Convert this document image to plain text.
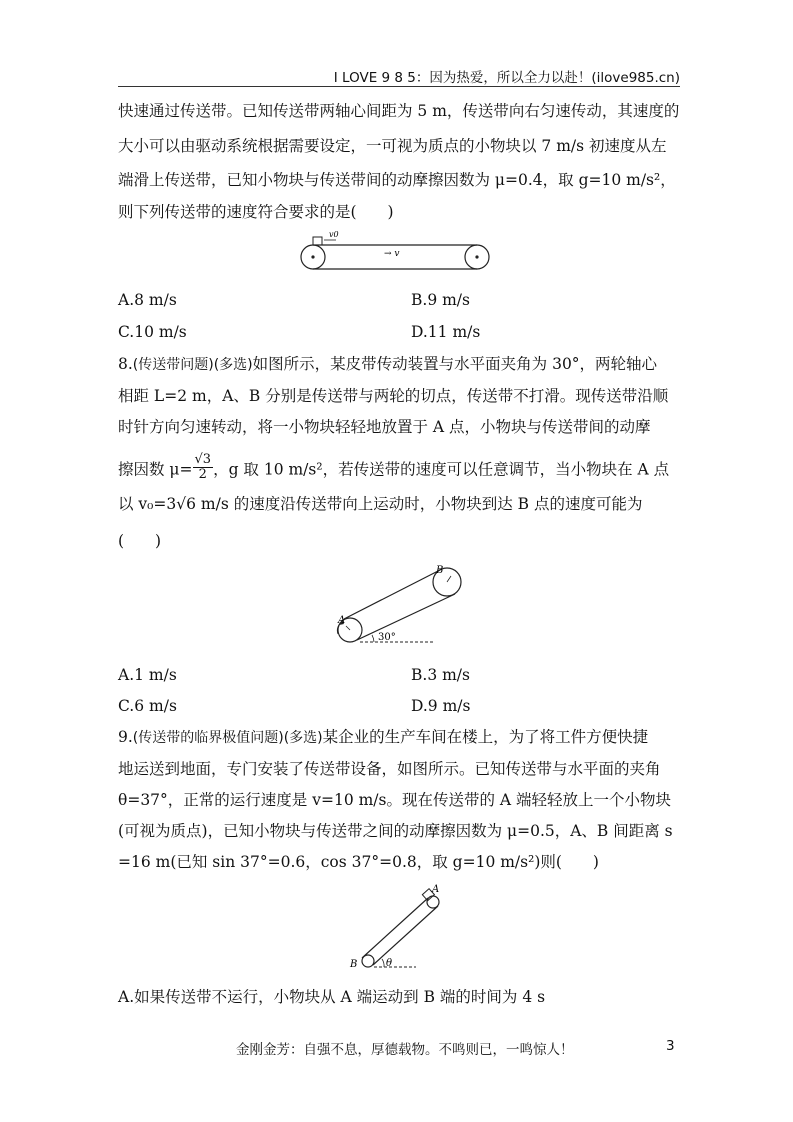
I LOVE 9 8 5：因为热爱，所以全力以赴！(ilove985.cn)
快速通过传送带。已知传送带两轴心间距为 5 m，传送带向右匀速传动，其速度的
大小可以由驱动系统根据需要设定，一可视为质点的小物块以 7 m/s 初速度从左
端滑上传送带，已知小物块与传送带间的动摩擦因数为 μ=0.4，取 g=10 m/s²，
则下列传送带的速度符合要求的是(　　)
v0
→ v
A.8 m/s	B.9 m/s
C.10 m/s	D.11 m/s
8.(传送带问题)(多选)如图所示，某皮带传动装置与水平面夹角为 30°，两轮轴心
相距 L=2 m，A、B 分别是传送带与两轮的切点，传送带不打滑。现传送带沿顺
时针方向匀速转动，将一小物块轻轻地放置于 A 点，小物块与传送带间的动摩
擦因数 $\mu= \frac{√3}{2}$ ，g 取 10 m/s²，若传送带的速度可以任意调节，当小物块在 A 点
以 v₀=3√6 m/s 的速度沿传送带向上运动时，小物块到达 B 点的速度可能为
(　　)
A
B
30°
A.1 m/s	B.3 m/s
C.6 m/s	D.9 m/s
9.(传送带的临界极值问题)(多选)某企业的生产车间在楼上，为了将工件方便快捷
地运送到地面，专门安装了传送带设备，如图所示。已知传送带与水平面的夹角
θ=37°，正常的运行速度是 v=10 m/s。现在传送带的 A 端轻轻放上一个小物块
(可视为质点)，已知小物块与传送带之间的动摩擦因数为 μ=0.5，A、B 间距离 s
=16 m(已知 sin 37°=0.6，cos 37°=0.8，取 g=10 m/s²)则(　　)
B
A
θ
A.如果传送带不运行，小物块从 A 端运动到 B 端的时间为 4 s
金刚金芳：自强不息，厚德载物。不鸣则已，一鸣惊人！	3
